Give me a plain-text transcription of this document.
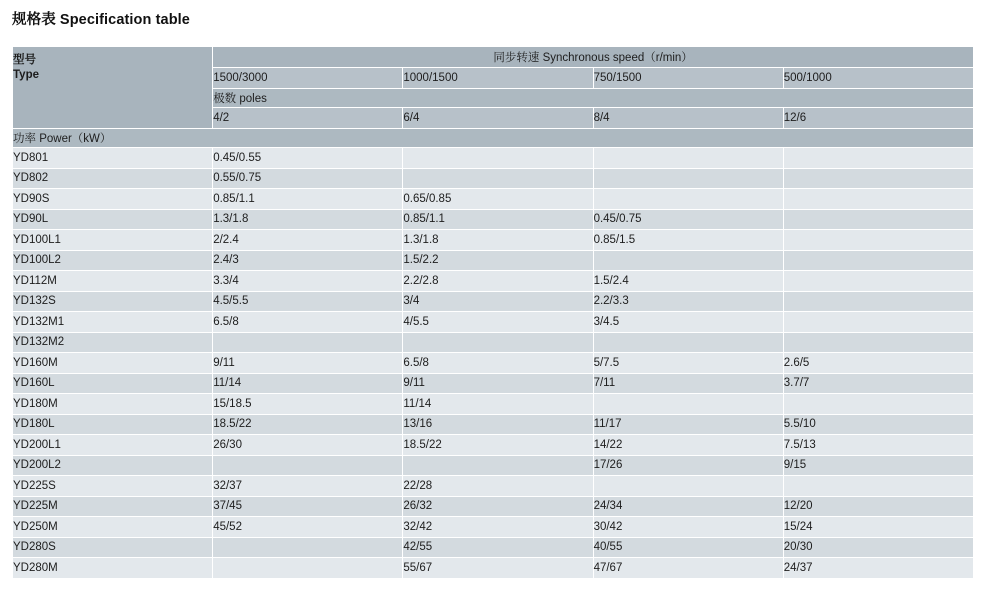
规格表 Specification table
型号
Type	同步转速 Synchronous speed（r/min）			
	1500/3000	1000/1500	750/1500	500/1000
	极数 poles			
	4/2	6/4	8/4	12/6
功率 Power（kW）				
YD801	0.45/0.55			
YD802	0.55/0.75			
YD90S	0.85/1.1	0.65/0.85		
YD90L	1.3/1.8	0.85/1.1	0.45/0.75	
YD100L1	2/2.4	1.3/1.8	0.85/1.5	
YD100L2	2.4/3	1.5/2.2		
YD112M	3.3/4	2.2/2.8	1.5/2.4	
YD132S	4.5/5.5	3/4	2.2/3.3	
YD132M1	6.5/8	4/5.5	3/4.5	
YD132M2				
YD160M	9/11	6.5/8	5/7.5	2.6/5
YD160L	11/14	9/11	7/11	3.7/7
YD180M	15/18.5	11/14		
YD180L	18.5/22	13/16	11/17	5.5/10
YD200L1	26/30	18.5/22	14/22	7.5/13
YD200L2			17/26	9/15
YD225S	32/37	22/28		
YD225M	37/45	26/32	24/34	12/20
YD250M	45/52	32/42	30/42	15/24
YD280S		42/55	40/55	20/30
YD280M		55/67	47/67	24/37
